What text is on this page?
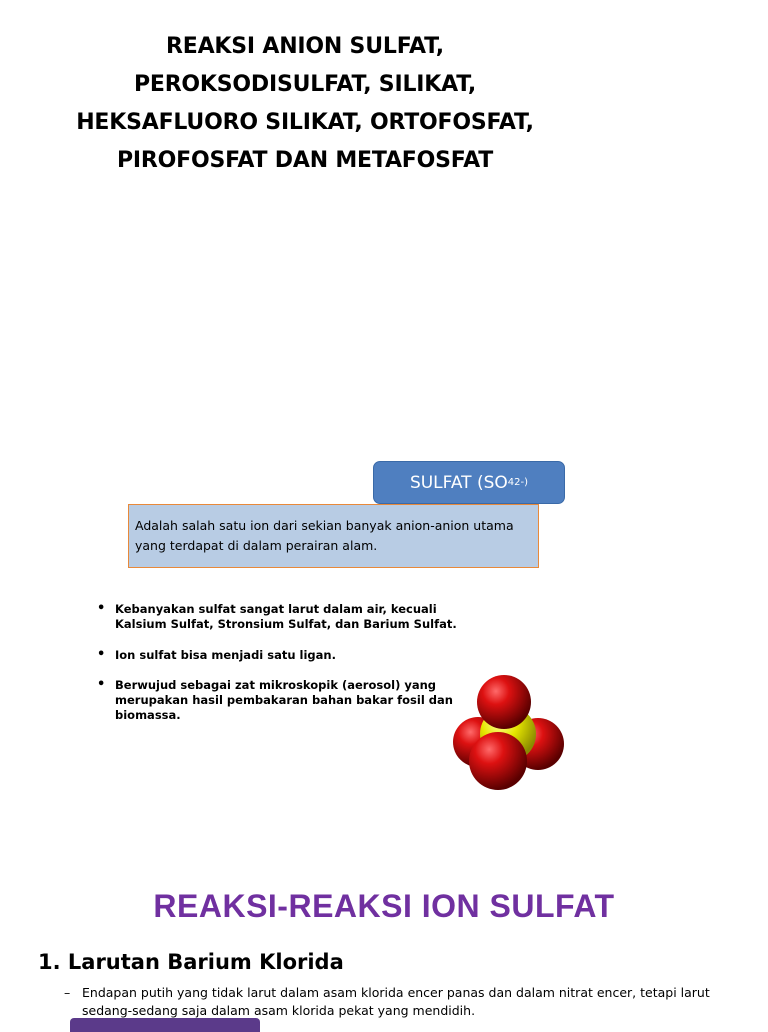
REAKSI ANION SULFAT,
PEROKSODISULFAT, SILIKAT,
HEKSAFLUORO SILIKAT, ORTOFOSFAT,
PIROFOSFAT DAN METAFOSFAT
SULFAT (SO 4 2-)
Adalah salah satu ion dari sekian banyak anion-anion utama yang terdapat di dalam perairan alam.
• Kebanyakan sulfat sangat larut dalam air, kecuali Kalsium Sulfat, Stronsium Sulfat, dan Barium Sulfat.
• Ion sulfat bisa menjadi satu ligan.
• Berwujud sebagai zat mikroskopik (aerosol) yang merupakan hasil pembakaran bahan bakar fosil dan biomassa.
REAKSI-REAKSI ION SULFAT
1. Larutan Barium Klorida
– Endapan putih yang tidak larut dalam asam klorida encer panas dan dalam nitrat encer, tetapi larut sedang-sedang saja dalam asam klorida pekat yang mendidih.
